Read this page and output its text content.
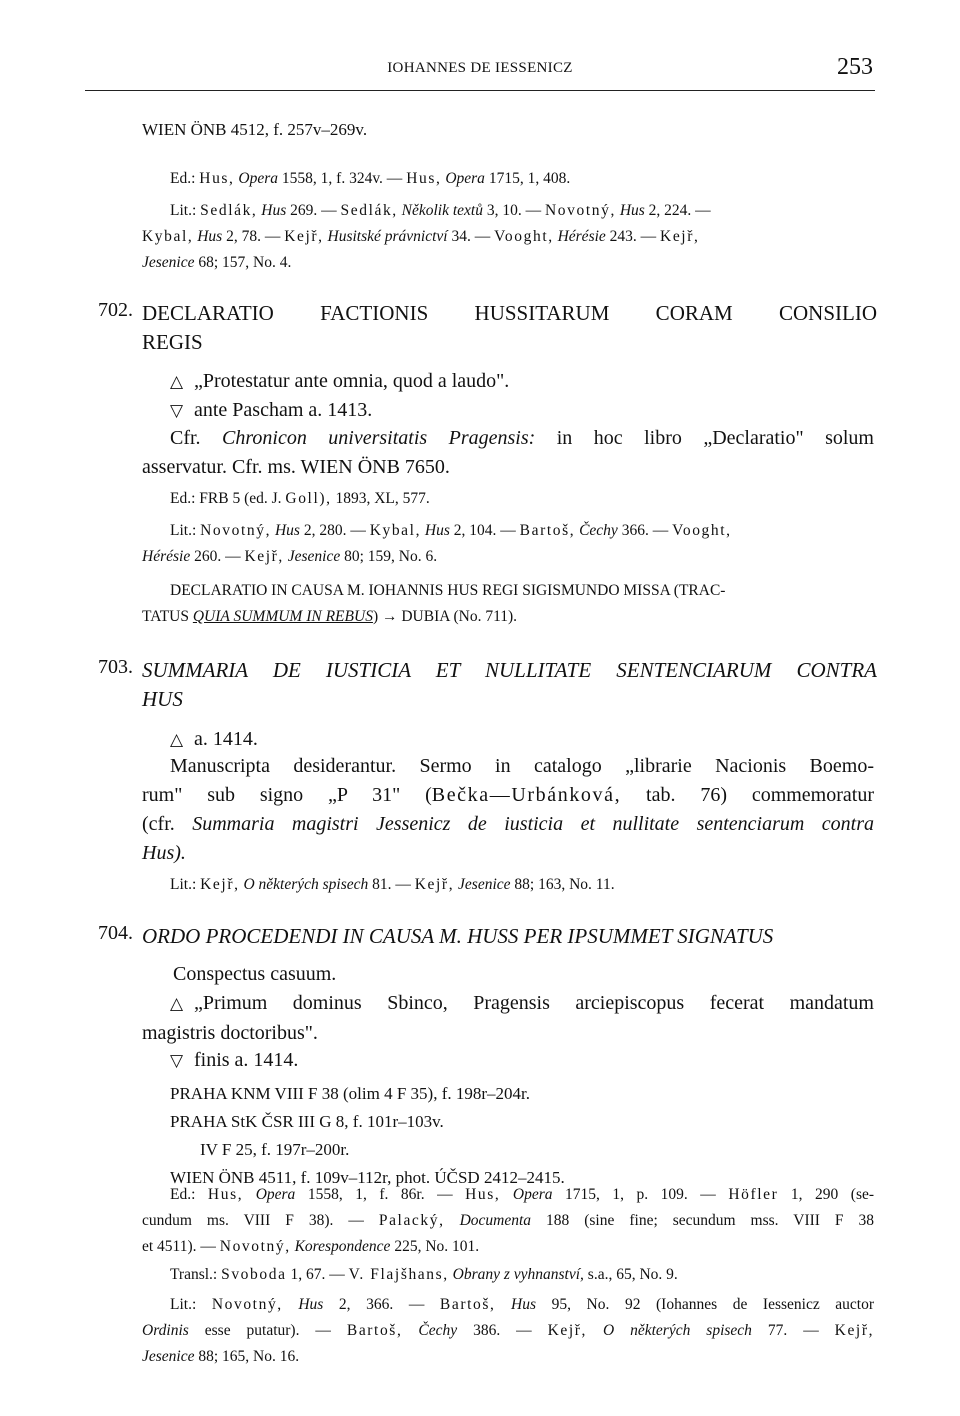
IOHANNES DE IESSENICZ	253
WIEN ÖNB 4512, f. 257v–269v.
Ed.: Hus, Opera 1558, 1, f. 324v. — Hus, Opera 1715, 1, 408.
Lit.: Sedlák, Hus 269. — Sedlák, Několik textů 3, 10. — Novotný, Hus 2, 224. —
Kybal, Hus 2, 78. — Kejř, Husitské právnictví 34. — Vooght, Hérésie 243. — Kejř,
Jesenice 68; 157, No. 4.
702. DECLARATIO FACTIONIS HUSSITARUM CORAM CONSILIO
REGIS
△ „Protestatur ante omnia, quod a laudo".
▽ ante Pascham a. 1413.
Cfr. Chronicon universitatis Pragensis: in hoc libro „Declaratio" solum
asservatur. Cfr. ms. WIEN ÖNB 7650.
Ed.: FRB 5 (ed. J. Goll), 1893, XL, 577.
Lit.: Novotný, Hus 2, 280. — Kybal, Hus 2, 104. — Bartoš, Čechy 366. — Vooght,
Hérésie 260. — Kejř, Jesenice 80; 159, No. 6.
DECLARATIO IN CAUSA M. IOHANNIS HUS REGI SIGISMUNDO MISSA (TRAC-
TATUS QUIA SUMMUM IN REBUS) → DUBIA (No. 711).
703. SUMMARIA DE IUSTICIA ET NULLITATE SENTENCIARUM CONTRA
HUS
△ a. 1414.
Manuscripta desiderantur. Sermo in catalogo „librarie Nacionis Boemo-
rum" sub signo „P 31" (Bečka—Urbánková, tab. 76) commemoratur
(cfr. Summaria magistri Jessenicz de iusticia et nullitate sentenciarum contra
Hus).
Lit.: Kejř, O některých spisech 81. — Kejř, Jesenice 88; 163, No. 11.
704. ORDO PROCEDENDI IN CAUSA M. HUSS PER IPSUMMET SIGNATUS
Conspectus casuum.
△ „Primum dominus Sbinco, Pragensis arciepiscopus fecerat mandatum
magistris doctoribus".
▽ finis a. 1414.
PRAHA KNM VIII F 38 (olim 4 F 35), f. 198r–204r.
PRAHA StK ČSR III G 8, f. 101r–103v.
IV F 25, f. 197r–200r.
WIEN ÖNB 4511, f. 109v–112r, phot. ÚČSD 2412–2415.
Ed.: Hus, Opera 1558, 1, f. 86r. — Hus, Opera 1715, 1, p. 109. — Höfler 1, 290 (se-
cundum ms. VIII F 38). — Palacký, Documenta 188 (sine fine; secundum mss. VIII F 38
et 4511). — Novotný, Korespondence 225, No. 101.
Transl.: Svoboda 1, 67. — V. Flajšhans, Obrany z vyhnanství, s.a., 65, No. 9.
Lit.: Novotný, Hus 2, 366. — Bartoš, Hus 95, No. 92 (Iohannes de Iessenicz auctor
Ordinis esse putatur). — Bartoš, Čechy 386. — Kejř, O některých spisech 77. — Kejř,
Jesenice 88; 165, No. 16.
